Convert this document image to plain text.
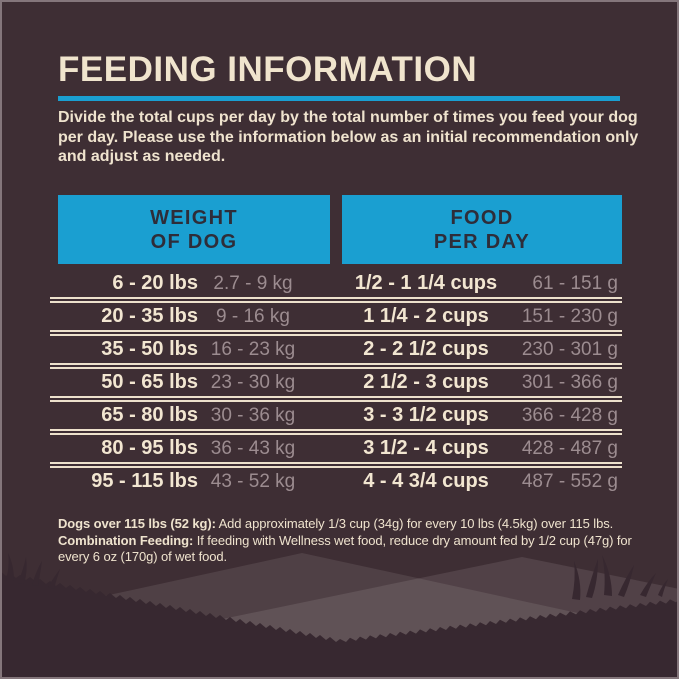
FEEDING INFORMATION

Divide the total cups per day by the total number of times you feed your dog per day. Please use the information below as an initial recommendation only and adjust as needed.

WEIGHT
OF DOG
FOOD
PER DAY
6 - 20 lbs 2.7 - 9 kg	1/2 - 1 1/4 cups	61 - 151 g
20 - 35 lbs 9 - 16 kg	1 1/4 - 2 cups	151 - 230 g
35 - 50 lbs 16 - 23 kg	2 - 2 1/2 cups	230 - 301 g
50 - 65 lbs 23 - 30 kg	2 1/2 - 3 cups	301 - 366 g
65 - 80 lbs 30 - 36 kg	3 - 3 1/2 cups	366 - 428 g
80 - 95 lbs 36 - 43 kg	3 1/2 - 4 cups	428 - 487 g
95 - 115 lbs 43 - 52 kg	4 - 4 3/4 cups	487 - 552 g

Dogs over 115 lbs (52 kg): Add approximately 1/3 cup (34g) for every 10 lbs (4.5kg) over 115 lbs. Combination Feeding: If feeding with Wellness wet food, reduce dry amount fed by 1/2 cup (47g) for every 6 oz (170g) of wet food.
